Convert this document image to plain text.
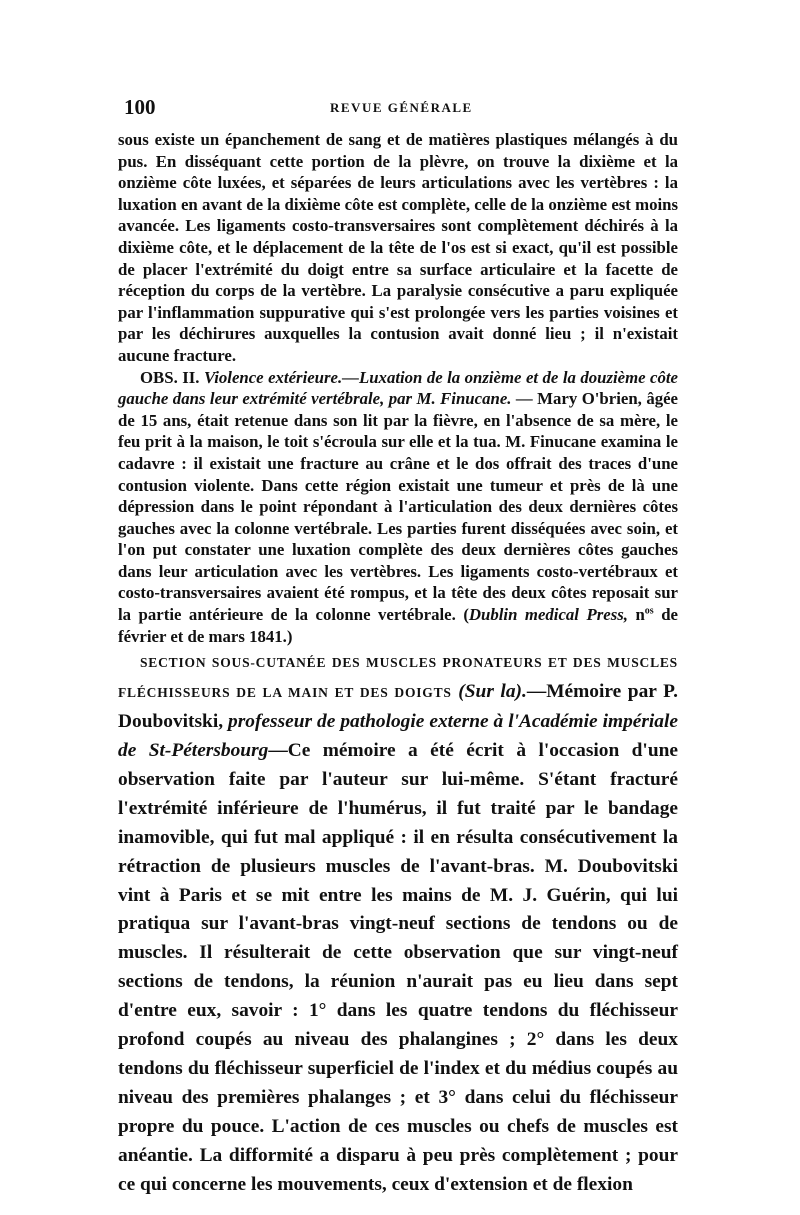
100	REVUE GÉNÉRALE

sous existe un épanchement de sang et de matières plastiques mélangés à du pus. En disséquant cette portion de la plèvre, on trouve la dixième et la onzième côte luxées, et séparées de leurs articulations avec les vertèbres : la luxation en avant de la dixième côte est complète, celle de la onzième est moins avancée. Les ligaments costo-transversaires sont complètement déchirés à la dixième côte, et le déplacement de la tête de l'os est si exact, qu'il est possible de placer l'extrémité du doigt entre sa surface articulaire et la facette de réception du corps de la vertèbre. La paralysie consécutive a paru expliquée par l'inflammation suppurative qui s'est prolongée vers les parties voisines et par les déchirures auxquelles la contusion avait donné lieu ; il n'existait aucune fracture.

OBS. II. Violence extérieure.—Luxation de la onzième et de la douzième côte gauche dans leur extrémité vertébrale, par M. Finucane. — Mary O'brien, âgée de 15 ans, était retenue dans son lit par la fièvre, en l'absence de sa mère, le feu prit à la maison, le toit s'écroula sur elle et la tua. M. Finucane examina le cadavre : il existait une fracture au crâne et le dos offrait des traces d'une contusion violente. Dans cette région existait une tumeur et près de là une dépression dans le point répondant à l'articulation des deux dernières côtes gauches avec la colonne vertébrale. Les parties furent disséquées avec soin, et l'on put constater une luxation complète des deux dernières côtes gauches dans leur articulation avec les vertèbres. Les ligaments costo-vertébraux et costo-transversaires avaient été rompus, et la tête des deux côtes reposait sur la partie antérieure de la colonne vertébrale. (Dublin medical Press, $n^{os}$ de février et de mars 1841.)

SECTION SOUS-CUTANÉE DES MUSCLES PRONATEURS ET DES MUSCLES FLÉCHISSEURS DE LA MAIN ET DES DOIGTS (Sur la).—Mémoire par P. Doubovitski, professeur de pathologie externe à l'Académie impériale de St-Pétersbourg—Ce mémoire a été écrit à l'occasion d'une observation faite par l'auteur sur lui-même. S'étant fracturé l'extrémité inférieure de l'humérus, il fut traité par le bandage inamovible, qui fut mal appliqué : il en résulta consécutivement la rétraction de plusieurs muscles de l'avant-bras. M. Doubovitski vint à Paris et se mit entre les mains de M. J. Guérin, qui lui pratiqua sur l'avant-bras vingt-neuf sections de tendons ou de muscles. Il résulterait de cette observation que sur vingt-neuf sections de tendons, la réunion n'aurait pas eu lieu dans sept d'entre eux, savoir : 1° dans les quatre tendons du fléchisseur profond coupés au niveau des phalangines ; 2° dans les deux tendons du fléchisseur superficiel de l'index et du médius coupés au niveau des premières phalanges ; et 3° dans celui du fléchisseur propre du pouce. L'action de ces muscles ou chefs de muscles est anéantie. La difformité a disparu à peu près complètement ; pour ce qui concerne les mouvements, ceux d'extension et de flexion
